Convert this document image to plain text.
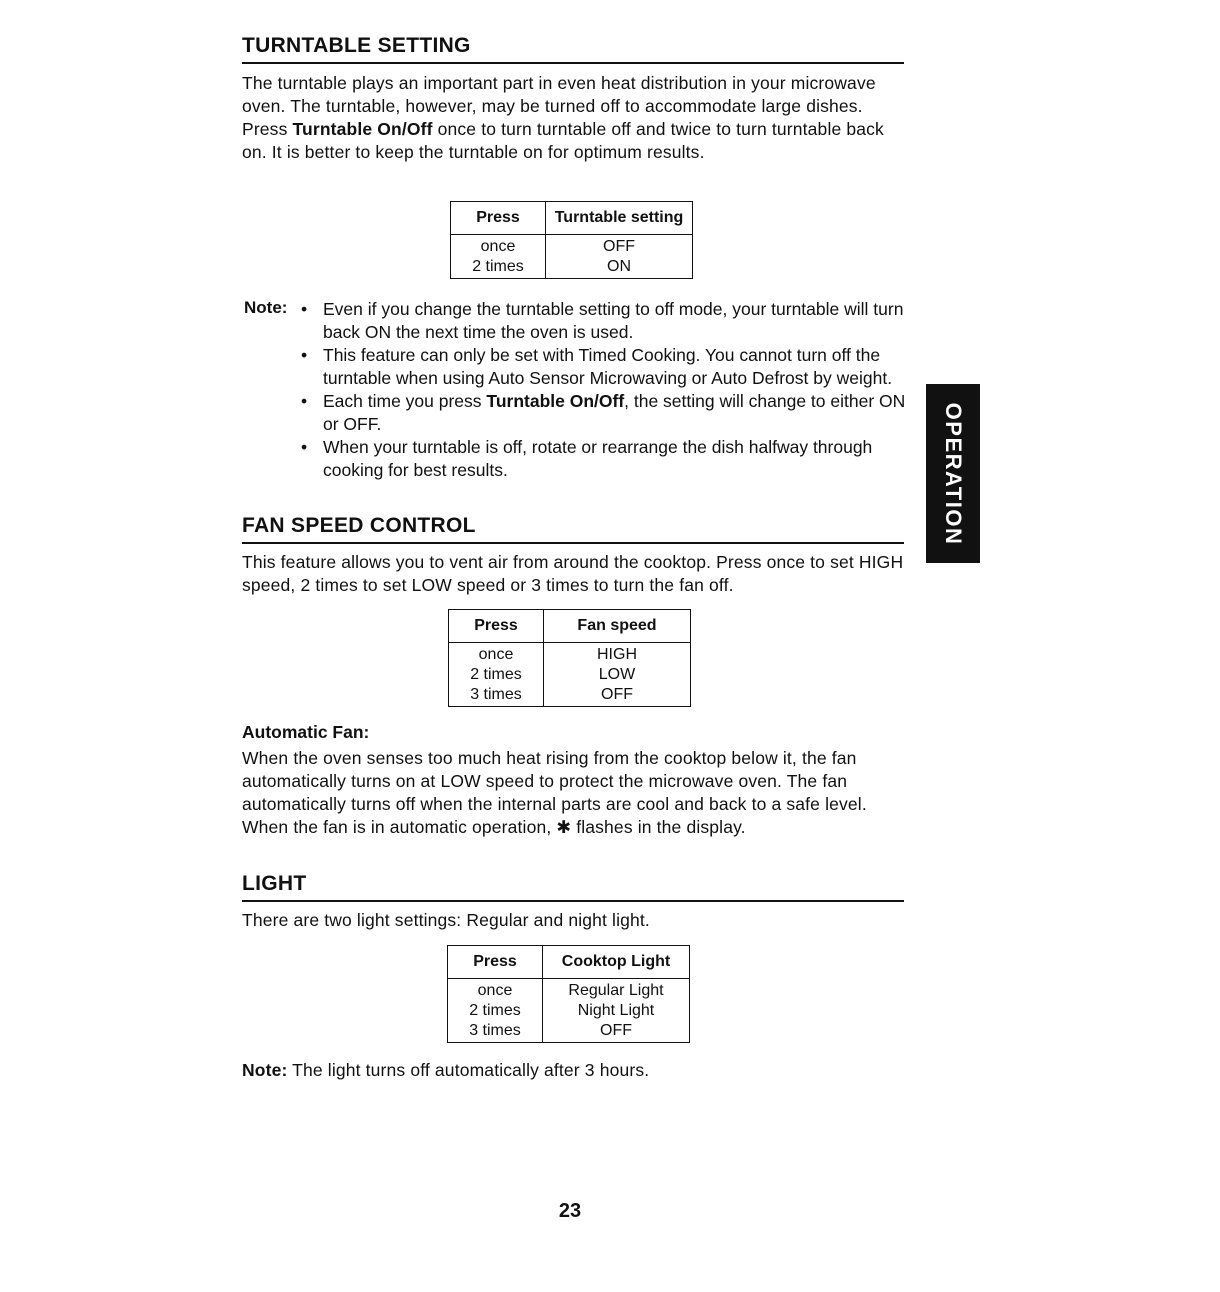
TURNTABLE SETTING
The turntable plays an important part in even heat distribution in your microwave oven. The turntable, however, may be turned off to accommodate large dishes. Press Turntable On/Off once to turn turntable off and twice to turn turntable back on. It is better to keep the turntable on for optimum results.
Press	Turntable setting
once	OFF
2 times	ON
Note: • Even if you change the turntable setting to off mode, your turntable will turn back ON the next time the oven is used.

• This feature can only be set with Timed Cooking. You cannot turn off the turntable when using Auto Sensor Microwaving or Auto Defrost by weight.

• Each time you press Turntable On/Off, the setting will change to either ON or OFF.

• When your turntable is off, rotate or rearrange the dish halfway through cooking for best results.

FAN SPEED CONTROL
This feature allows you to vent air from around the cooktop. Press once to set HIGH speed, 2 times to set LOW speed or 3 times to turn the fan off.
Press	Fan speed
once	HIGH
2 times	LOW
3 times	OFF
Automatic Fan:
When the oven senses too much heat rising from the cooktop below it, the fan automatically turns on at LOW speed to protect the microwave oven. The fan automatically turns off when the internal parts are cool and back to a safe level. When the fan is in automatic operation, ✱ flashes in the display.
LIGHT
There are two light settings: Regular and night light.
Press	Cooktop Light
once	Regular Light
2 times	Night Light
3 times	OFF
Note: The light turns off automatically after 3 hours.
OPERATION
23
